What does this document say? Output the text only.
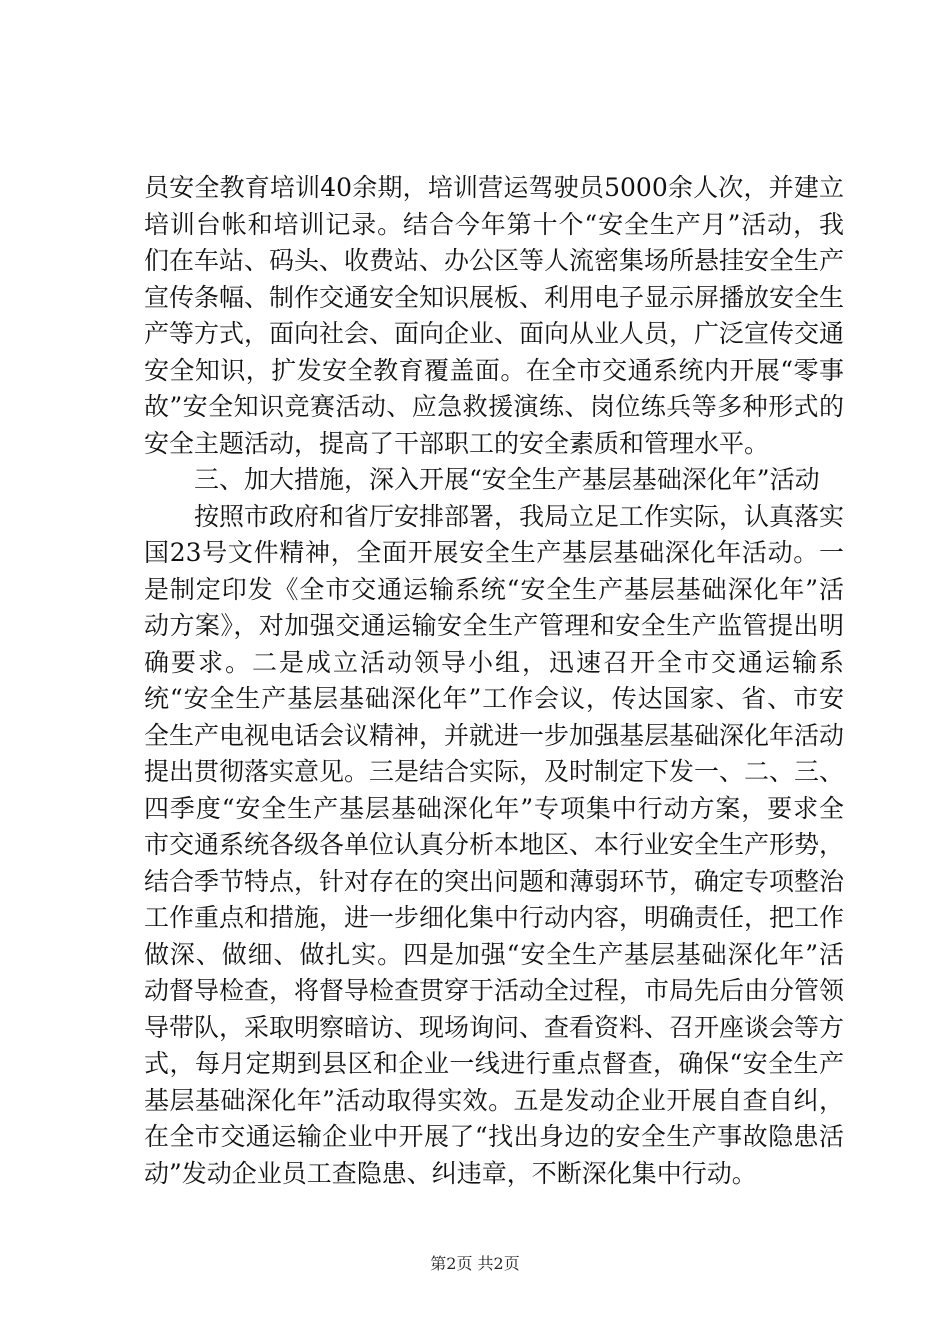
员安全教育培训40余期，培训营运驾驶员5000余人次，并建立培训台帐和培训记录。结合今年第十个“安全生产月”活动，我们在车站、码头、收费站、办公区等人流密集场所悬挂安全生产宣传条幅、制作交通安全知识展板、利用电子显示屏播放安全生产等方式，面向社会、面向企业、面向从业人员，广泛宣传交通安全知识，扩发安全教育覆盖面。在全市交通系统内开展“零事故”安全知识竞赛活动、应急救援演练、岗位练兵等多种形式的安全主题活动，提高了干部职工的安全素质和管理水平。

三、加大措施，深入开展“安全生产基层基础深化年”活动

按照市政府和省厅安排部署，我局立足工作实际，认真落实国23号文件精神，全面开展安全生产基层基础深化年活动。一是制定印发《全市交通运输系统“安全生产基层基础深化年”活动方案》，对加强交通运输安全生产管理和安全生产监管提出明确要求。二是成立活动领导小组，迅速召开全市交通运输系统“安全生产基层基础深化年”工作会议，传达国家、省、市安全生产电视电话会议精神，并就进一步加强基层基础深化年活动提出贯彻落实意见。三是结合实际，及时制定下发一、二、三、四季度“安全生产基层基础深化年”专项集中行动方案，要求全市交通系统各级各单位认真分析本地区、本行业安全生产形势，结合季节特点，针对存在的突出问题和薄弱环节，确定专项整治工作重点和措施，进一步细化集中行动内容，明确责任，把工作做深、做细、做扎实。四是加强“安全生产基层基础深化年”活动督导检查，将督导检查贯穿于活动全过程，市局先后由分管领导带队，采取明察暗访、现场询问、查看资料、召开座谈会等方式，每月定期到县区和企业一线进行重点督查，确保“安全生产基层基础深化年”活动取得实效。五是发动企业开展自查自纠，在全市交通运输企业中开展了“找出身边的安全生产事故隐患活动”发动企业员工查隐患、纠违章，不断深化集中行动。

第2页 共2页
